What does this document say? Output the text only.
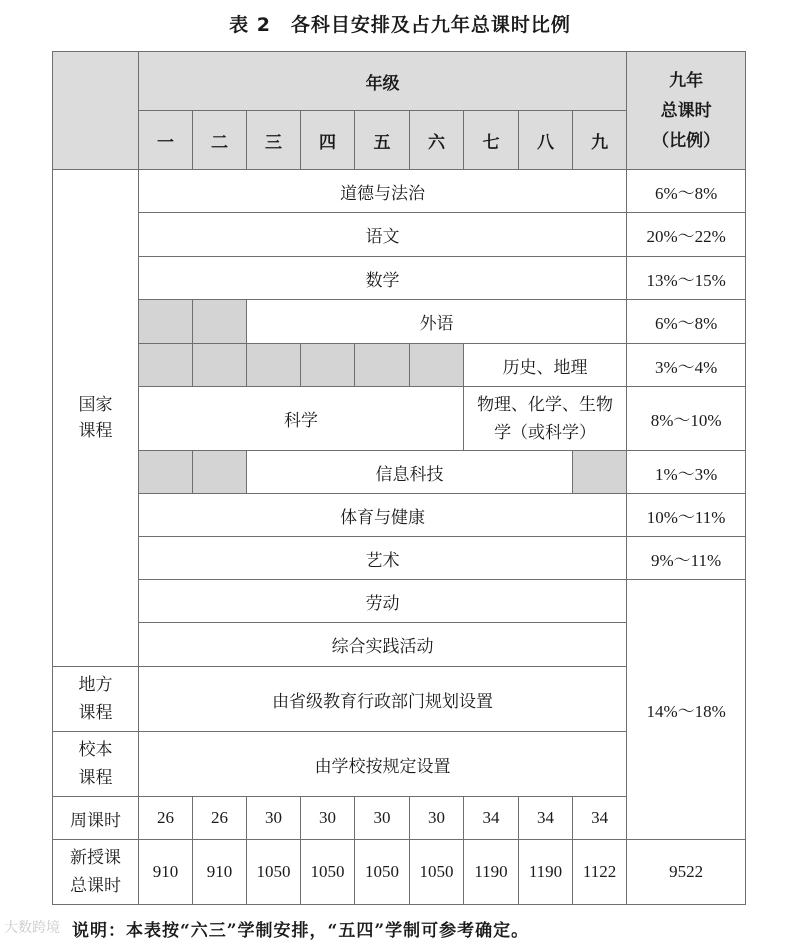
表 2　各科目安排及占九年总课时比例
	年级									九年
总课时
（比例）

	一	二	三	四	五	六	七	八	九	

国家
课程	道德与法治									6%～8%
	语文									20%～22%
	数学									13%～15%
			外语							6%～8%
							历史、地理			3%～4%
	科学						物理、化学、生物
学（或科学）			8%～10%
			信息科技							1%～3%
	体育与健康									10%～11%
	艺术									9%～11%
	劳动									14%～18%
	综合实践活动									

地方
课程	由省级教育行政部门规划设置									

校本
课程	由学校按规定设置									
周课时	26	26	30	30	30	30	34	34	34	

新授课
总课时	910	910	1050	1050	1050	1050	1190	1190	1122	9522
大数跨境 说明：本表按“六三”学制安排，“五四”学制可参考确定。
